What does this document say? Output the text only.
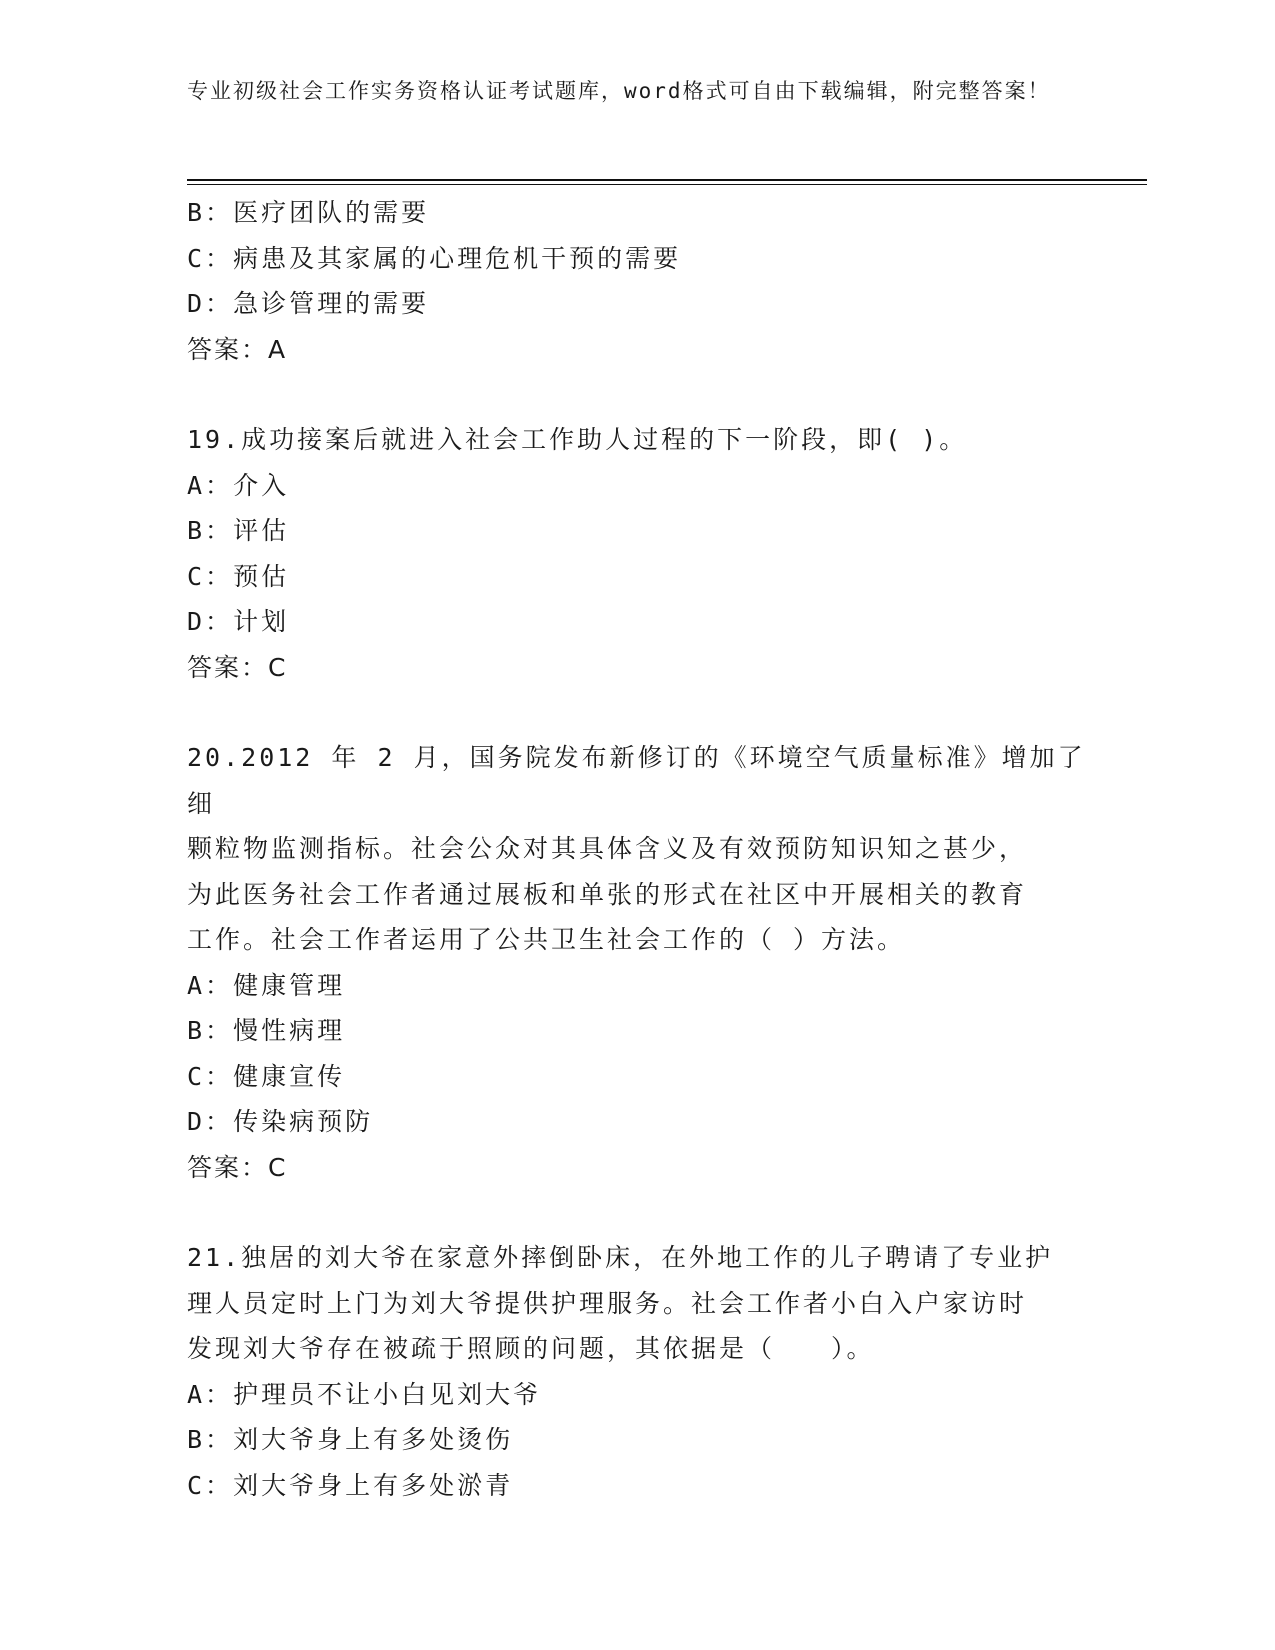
专业初级社会工作实务资格认证考试题库，word格式可自由下载编辑，附完整答案！
B：医疗团队的需要
C：病患及其家属的心理危机干预的需要
D：急诊管理的需要
答案：A
19.成功接案后就进入社会工作助人过程的下一阶段，即( )。
A：介入
B：评估
C：预估
D：计划
答案：C
20.2012 年 2 月，国务院发布新修订的《环境空气质量标准》增加了细
颗粒物监测指标。社会公众对其具体含义及有效预防知识知之甚少，
为此医务社会工作者通过展板和单张的形式在社区中开展相关的教育
工作。社会工作者运用了公共卫生社会工作的（ ）方法。
A：健康管理
B：慢性病理
C：健康宣传
D：传染病预防
答案：C
21.独居的刘大爷在家意外摔倒卧床，在外地工作的儿子聘请了专业护
理人员定时上门为刘大爷提供护理服务。社会工作者小白入户家访时
发现刘大爷存在被疏于照顾的问题，其依据是（　　）。
A：护理员不让小白见刘大爷
B：刘大爷身上有多处烫伤
C：刘大爷身上有多处淤青
